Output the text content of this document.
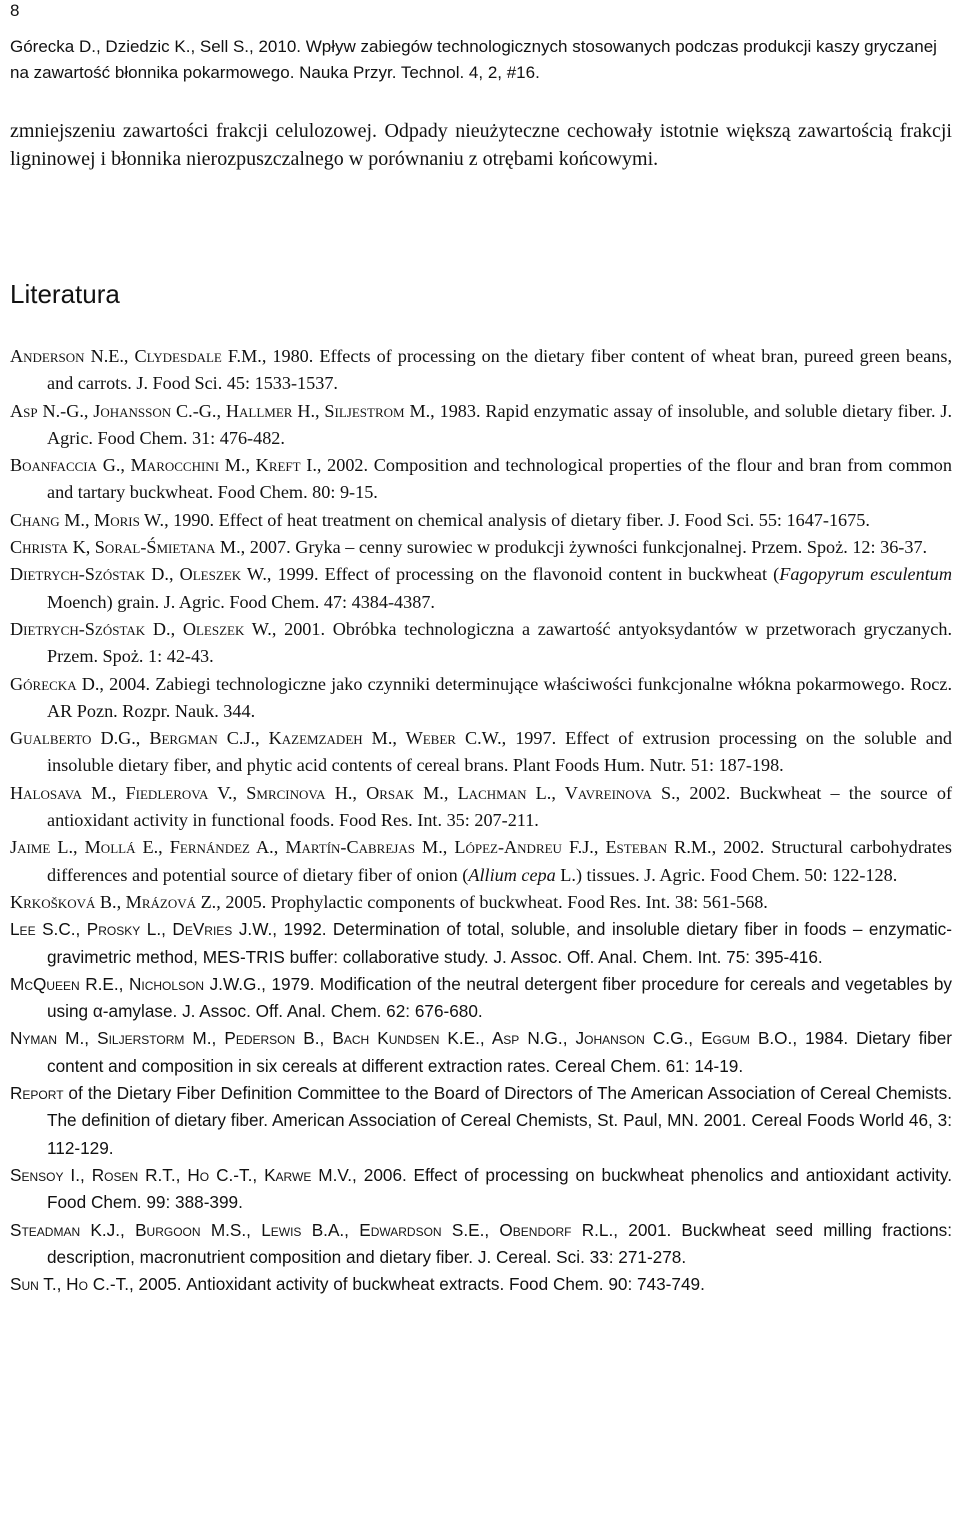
8
Górecka D., Dziedzic K., Sell S., 2010. Wpływ zabiegów technologicznych stosowanych podczas produkcji kaszy gryczanej na zawartość błonnika pokarmowego. Nauka Przyr. Technol. 4, 2, #16.

zmniejszeniu zawartości frakcji celulozowej. Odpady nieużyteczne cechowały istotnie większą zawartością frakcji ligninowej i błonnika nierozpuszczalnego w porównaniu z otrębami końcowymi.

Literatura
Anderson N.E., Clydesdale F.M., 1980. Effects of processing on the dietary fiber content of wheat bran, pureed green beans, and carrots. J. Food Sci. 45: 1533-1537.
Asp N.-G., Johansson C.-G., Hallmer H., Siljestrom M., 1983. Rapid enzymatic assay of insoluble, and soluble dietary fiber. J. Agric. Food Chem. 31: 476-482.
Boanfaccia G., Marocchini M., Kreft I., 2002. Composition and technological properties of the flour and bran from common and tartary buckwheat. Food Chem. 80: 9-15.
Chang M., Moris W., 1990. Effect of heat treatment on chemical analysis of dietary fiber. J. Food Sci. 55: 1647-1675.
Christa K, Soral-Śmietana M., 2007. Gryka – cenny surowiec w produkcji żywności funkcjonalnej. Przem. Spoż. 12: 36-37.
Dietrych-Szóstak D., Oleszek W., 1999. Effect of processing on the flavonoid content in buckwheat (Fagopyrum esculentum Moench) grain. J. Agric. Food Chem. 47: 4384-4387.
Dietrych-Szóstak D., Oleszek W., 2001. Obróbka technologiczna a zawartość antyoksydantów w przetworach gryczanych. Przem. Spoż. 1: 42-43.
Górecka D., 2004. Zabiegi technologiczne jako czynniki determinujące właściwości funkcjonalne włókna pokarmowego. Rocz. AR Pozn. Rozpr. Nauk. 344.
Gualberto D.G., Bergman C.J., Kazemzadeh M., Weber C.W., 1997. Effect of extrusion processing on the soluble and insoluble dietary fiber, and phytic acid contents of cereal brans. Plant Foods Hum. Nutr. 51: 187-198.
Halosava M., Fiedlerova V., Smrcinova H., Orsak M., Lachman L., Vavreinova S., 2002. Buckwheat – the source of antioxidant activity in functional foods. Food Res. Int. 35: 207-211.
Jaime L., Mollá E., Fernández A., Martín-Cabrejas M., López-Andreu F.J., Esteban R.M., 2002. Structural carbohydrates differences and potential source of dietary fiber of onion (Allium cepa L.) tissues. J. Agric. Food Chem. 50: 122-128.
Krkošková B., Mrázová Z., 2005. Prophylactic components of buckwheat. Food Res. Int. 38: 561-568.
Lee S.C., Prosky L., DeVries J.W., 1992. Determination of total, soluble, and insoluble dietary fiber in foods – enzymatic-gravimetric method, MES-TRIS buffer: collaborative study. J. Assoc. Off. Anal. Chem. Int. 75: 395-416.
McQueen R.E., Nicholson J.W.G., 1979. Modification of the neutral detergent fiber procedure for cereals and vegetables by using α-amylase. J. Assoc. Off. Anal. Chem. 62: 676-680.
Nyman M., Siljerstorm M., Pederson B., Bach Kundsen K.E., Asp N.G., Johanson C.G., Eggum B.O., 1984. Dietary fiber content and composition in six cereals at different extraction rates. Cereal Chem. 61: 14-19.
Report of the Dietary Fiber Definition Committee to the Board of Directors of The American Association of Cereal Chemists. The definition of dietary fiber. American Association of Cereal Chemists, St. Paul, MN. 2001. Cereal Foods World 46, 3: 112-129.
Sensoy I., Rosen R.T., Ho C.-T., Karwe M.V., 2006. Effect of processing on buckwheat phenolics and antioxidant activity. Food Chem. 99: 388-399.
Steadman K.J., Burgoon M.S., Lewis B.A., Edwardson S.E., Obendorf R.L., 2001. Buckwheat seed milling fractions: description, macronutrient composition and dietary fiber. J. Cereal. Sci. 33: 271-278.
Sun T., Ho C.-T., 2005. Antioxidant activity of buckwheat extracts. Food Chem. 90: 743-749.
